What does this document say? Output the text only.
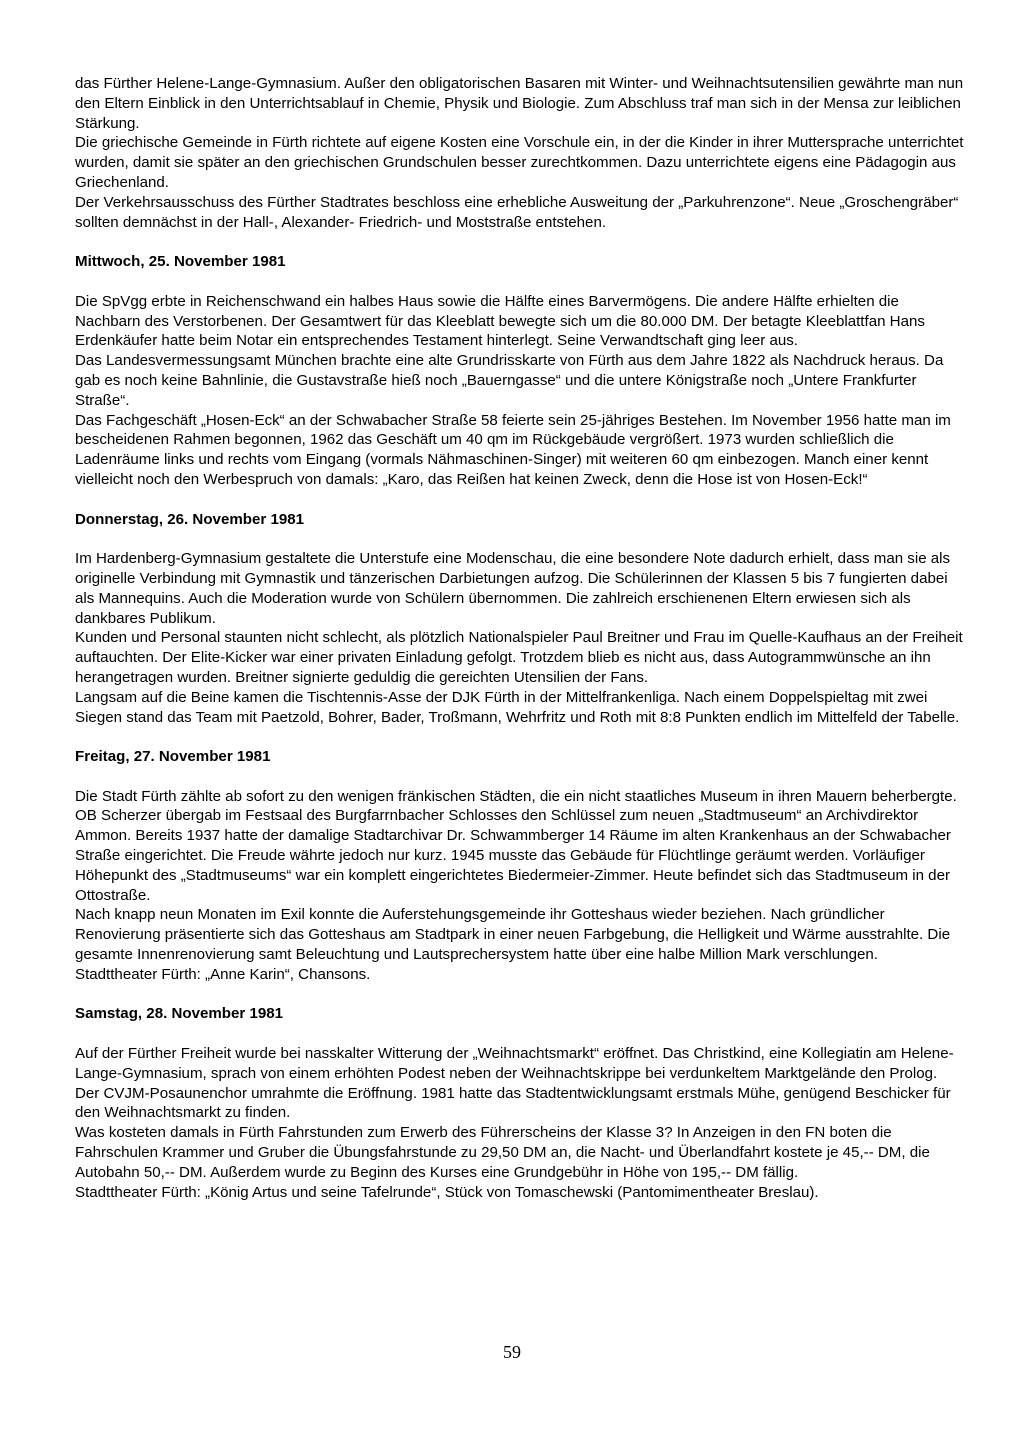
das Fürther Helene-Lange-Gymnasium. Außer den obligatorischen Basaren mit Winter- und Weihnachtsutensilien gewährte man nun den Eltern Einblick in den Unterrichtsablauf in Chemie, Physik und Biologie. Zum Abschluss traf man sich in der Mensa zur leiblichen Stärkung.

Die griechische Gemeinde in Fürth richtete auf eigene Kosten eine Vorschule ein, in der die Kinder in ihrer Muttersprache unterrichtet wurden, damit sie später an den griechischen Grundschulen besser zurechtkommen. Dazu unterrichtete eigens eine Pädagogin aus Griechenland.

Der Verkehrsausschuss des Fürther Stadtrates beschloss eine erhebliche Ausweitung der „Parkuhrenzone“. Neue „Groschengräber“ sollten demnächst in der Hall-, Alexander- Friedrich- und Moststraße entstehen.

Mittwoch, 25. November 1981

Die SpVgg erbte in Reichenschwand ein halbes Haus sowie die Hälfte eines Barvermögens. Die andere Hälfte erhielten die Nachbarn des Verstorbenen. Der Gesamtwert für das Kleeblatt bewegte sich um die 80.000 DM. Der betagte Kleeblattfan Hans Erdenkäufer hatte beim Notar ein entsprechendes Testament hinterlegt. Seine Verwandtschaft ging leer aus.

Das Landesvermessungsamt München brachte eine alte Grundrisskarte von Fürth aus dem Jahre 1822 als Nachdruck heraus. Da gab es noch keine Bahnlinie, die Gustavstraße hieß noch „Bauerngasse“ und die untere Königstraße noch „Untere Frankfurter Straße“.

Das Fachgeschäft „Hosen-Eck“ an der Schwabacher Straße 58 feierte sein 25-jähriges Bestehen. Im November 1956 hatte man im bescheidenen Rahmen begonnen, 1962 das Geschäft um 40 qm im Rückgebäude vergrößert. 1973 wurden schließlich die Ladenräume links und rechts vom Eingang (vormals Nähmaschinen-Singer) mit weiteren 60 qm einbezogen. Manch einer kennt vielleicht noch den Werbespruch von damals: „Karo, das Reißen hat keinen Zweck, denn die Hose ist von Hosen-Eck!“

Donnerstag, 26. November 1981

Im Hardenberg-Gymnasium gestaltete die Unterstufe eine Modenschau, die eine besondere Note dadurch erhielt, dass man sie als originelle Verbindung mit Gymnastik und tänzerischen Darbietungen aufzog. Die Schülerinnen der Klassen 5 bis 7 fungierten dabei als Mannequins. Auch die Moderation wurde von Schülern übernommen. Die zahlreich erschienenen Eltern erwiesen sich als dankbares Publikum.

Kunden und Personal staunten nicht schlecht, als plötzlich Nationalspieler Paul Breitner und Frau im Quelle-Kaufhaus an der Freiheit auftauchten. Der Elite-Kicker war einer privaten Einladung gefolgt. Trotzdem blieb es nicht aus, dass Autogrammwünsche an ihn herangetragen wurden. Breitner signierte geduldig die gereichten Utensilien der Fans.

Langsam auf die Beine kamen die Tischtennis-Asse der DJK Fürth in der Mittelfrankenliga. Nach einem Doppelspieltag mit zwei Siegen stand das Team mit Paetzold, Bohrer, Bader, Troßmann, Wehrfritz und Roth mit 8:8 Punkten endlich im Mittelfeld der Tabelle.

Freitag, 27. November 1981

Die Stadt Fürth zählte ab sofort zu den wenigen fränkischen Städten, die ein nicht staatliches Museum in ihren Mauern beherbergte. OB Scherzer übergab im Festsaal des Burgfarrnbacher Schlosses den Schlüssel zum neuen „Stadtmuseum“ an Archivdirektor Ammon. Bereits 1937 hatte der damalige Stadtarchivar Dr. Schwammberger 14 Räume im alten Krankenhaus an der Schwabacher Straße eingerichtet. Die Freude währte jedoch nur kurz. 1945 musste das Gebäude für Flüchtlinge geräumt werden. Vorläufiger Höhepunkt des „Stadtmuseums“ war ein komplett eingerichtetes Biedermeier-Zimmer. Heute befindet sich das Stadtmuseum in der Ottostraße.

Nach knapp neun Monaten im Exil konnte die Auferstehungsgemeinde ihr Gotteshaus wieder beziehen. Nach gründlicher Renovierung präsentierte sich das Gotteshaus am Stadtpark in einer neuen Farbgebung, die Helligkeit und Wärme ausstrahlte. Die gesamte Innenrenovierung samt Beleuchtung und Lautsprechersystem hatte über eine halbe Million Mark verschlungen.

Stadttheater Fürth: „Anne Karin“, Chansons.

Samstag, 28. November 1981

Auf der Fürther Freiheit wurde bei nasskalter Witterung der „Weihnachtsmarkt“ eröffnet. Das Christkind, eine Kollegiatin am Helene-Lange-Gymnasium, sprach von einem erhöhten Podest neben der Weihnachtskrippe bei verdunkeltem Marktgelände den Prolog. Der CVJM-Posaunenchor umrahmte die Eröffnung. 1981 hatte das Stadtentwicklungsamt erstmals Mühe, genügend Beschicker für den Weihnachtsmarkt zu finden.

Was kosteten damals in Fürth Fahrstunden zum Erwerb des Führerscheins der Klasse 3? In Anzeigen in den FN boten die Fahrschulen Krammer und Gruber die Übungsfahrstunde zu 29,50 DM an, die Nacht- und Überlandfahrt kostete je 45,-- DM, die Autobahn 50,-- DM. Außerdem wurde zu Beginn des Kurses eine Grundgebühr in Höhe von 195,-- DM fällig.

Stadttheater Fürth: „König Artus und seine Tafelrunde“, Stück von Tomaschewski (Pantomimentheater Breslau).

59
